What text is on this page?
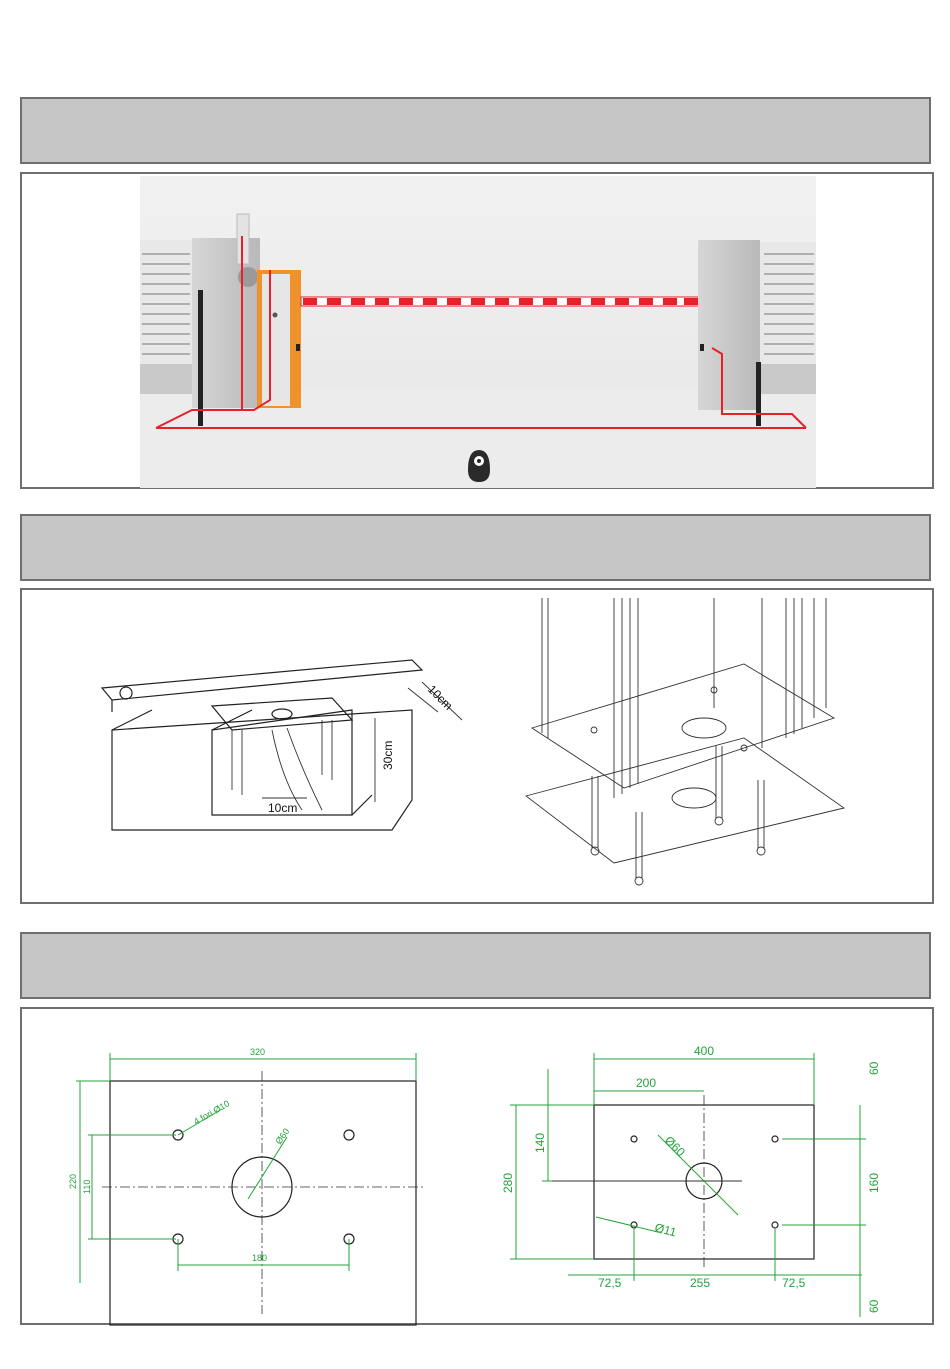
30cm
10cm
10cm
320
220 110
180
4 fori Ø10
Ø60
400
200
280
140
160
60
60
72,5	255	72,5
Ø60
Ø11
